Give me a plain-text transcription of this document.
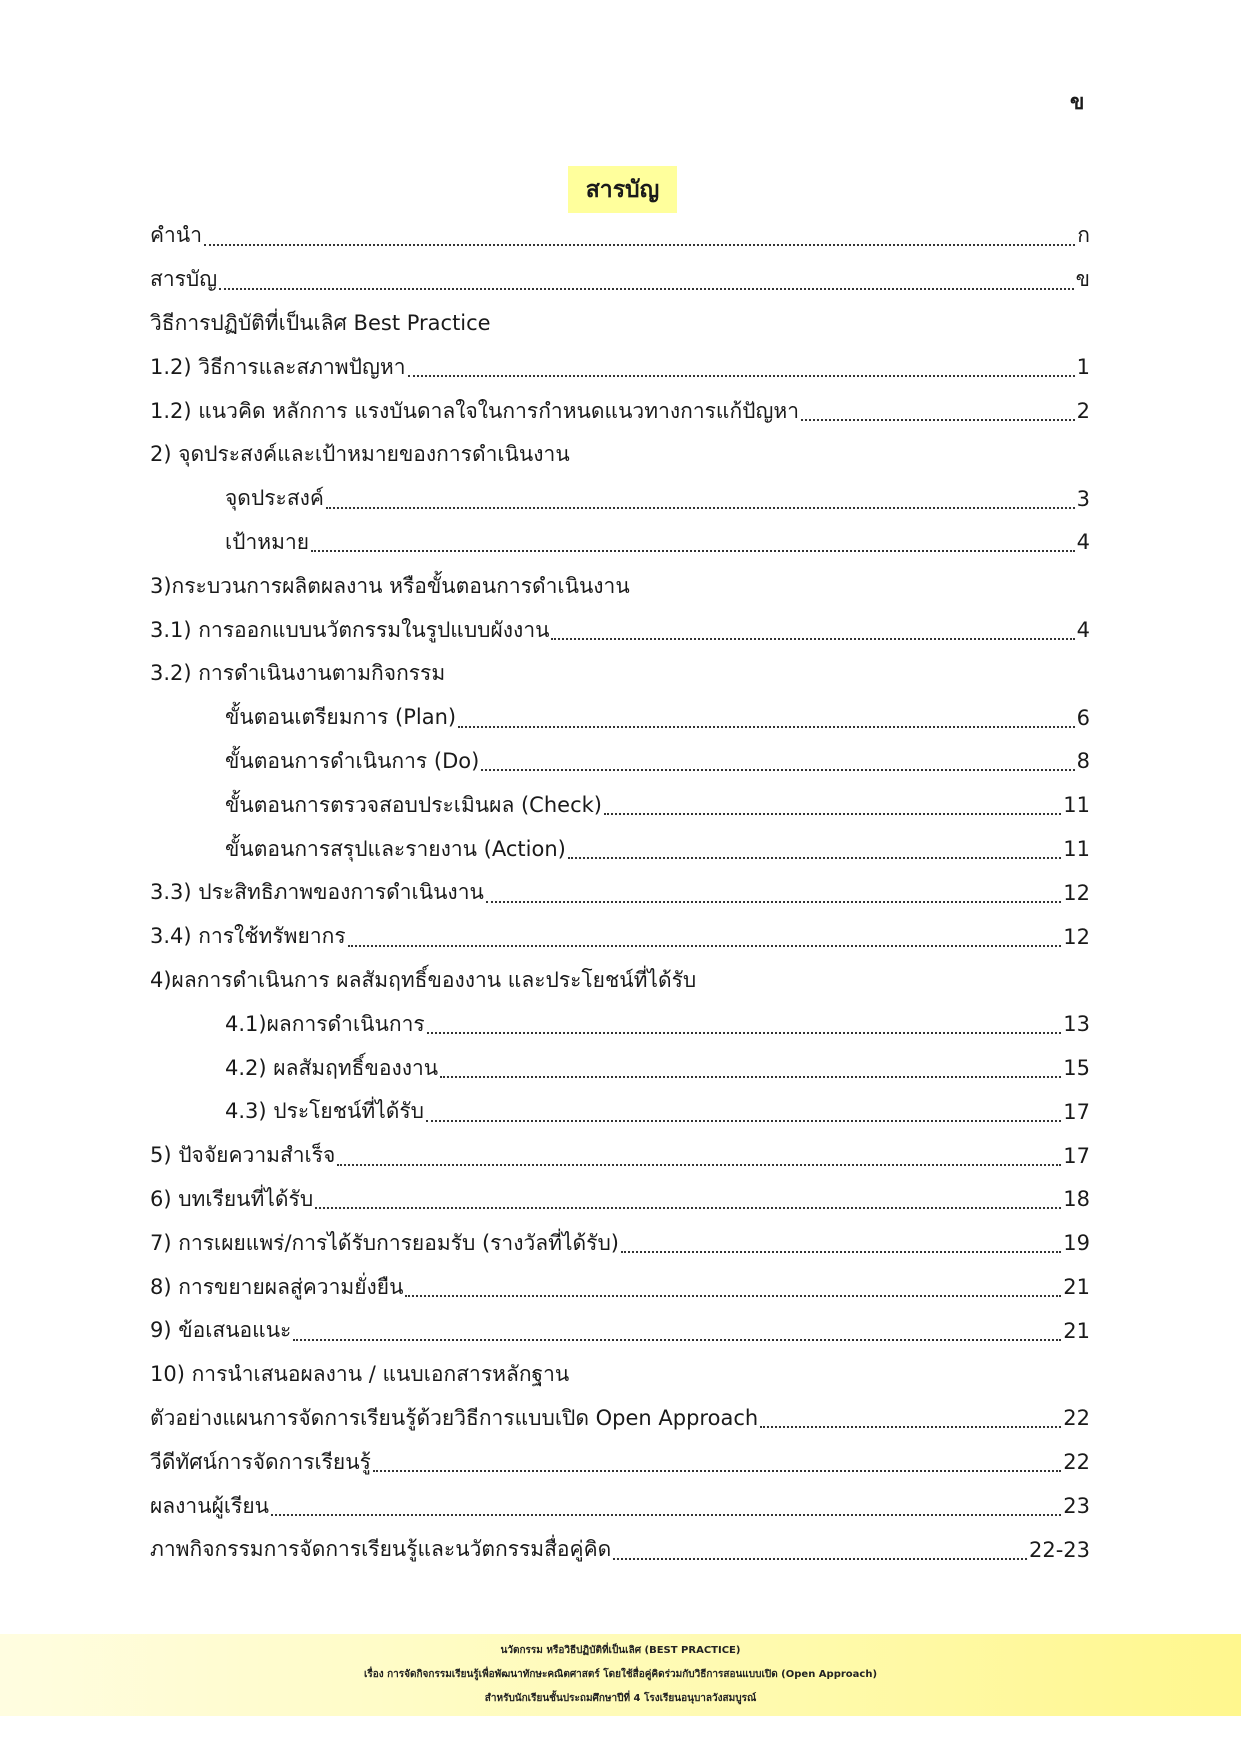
ข
สารบัญ
คำนำ	ก
สารบัญ	ข
วิธีการปฏิบัติที่เป็นเลิศ Best Practice
1.2) วิธีการและสภาพปัญหา	1
1.2) แนวคิด หลักการ แรงบันดาลใจในการกำหนดแนวทางการแก้ปัญหา	2
2) จุดประสงค์และเป้าหมายของการดำเนินงาน
จุดประสงค์	3
เป้าหมาย	4
3)กระบวนการผลิตผลงาน หรือขั้นตอนการดำเนินงาน
3.1) การออกแบบนวัตกรรมในรูปแบบผังงาน	4
3.2) การดำเนินงานตามกิจกรรม
ขั้นตอนเตรียมการ (Plan)	6
ขั้นตอนการดำเนินการ (Do)	8
ขั้นตอนการตรวจสอบประเมินผล (Check)	11
ขั้นตอนการสรุปและรายงาน (Action)	11
3.3) ประสิทธิภาพของการดำเนินงาน	12
3.4) การใช้ทรัพยากร	12
4)ผลการดำเนินการ ผลสัมฤทธิ์ของงาน และประโยชน์ที่ได้รับ
4.1)ผลการดำเนินการ	13
4.2) ผลสัมฤทธิ์ของงาน	15
4.3) ประโยชน์ที่ได้รับ	17
5) ปัจจัยความสำเร็จ	17
6) บทเรียนที่ได้รับ	18
7) การเผยแพร่/การได้รับการยอมรับ (รางวัลที่ได้รับ)	19
8) การขยายผลสู่ความยั่งยืน	21
9) ข้อเสนอแนะ	21
10) การนำเสนอผลงาน / แนบเอกสารหลักฐาน
ตัวอย่างแผนการจัดการเรียนรู้ด้วยวิธีการแบบเปิด Open Approach	22
วีดีทัศน์การจัดการเรียนรู้	22
ผลงานผู้เรียน	23
ภาพกิจกรรมการจัดการเรียนรู้และนวัตกรรมสื่อคู่คิด	22-23
นวัตกรรม หรือวิธีปฏิบัติที่เป็นเลิศ (BEST PRACTICE)
เรื่อง การจัดกิจกรรมเรียนรู้เพื่อพัฒนาทักษะคณิตศาสตร์ โดยใช้สื่อคู่คิดร่วมกับวิธีการสอนแบบเปิด (Open Approach)
สำหรับนักเรียนชั้นประถมศึกษาปีที่ 4 โรงเรียนอนุบาลวังสมบูรณ์
